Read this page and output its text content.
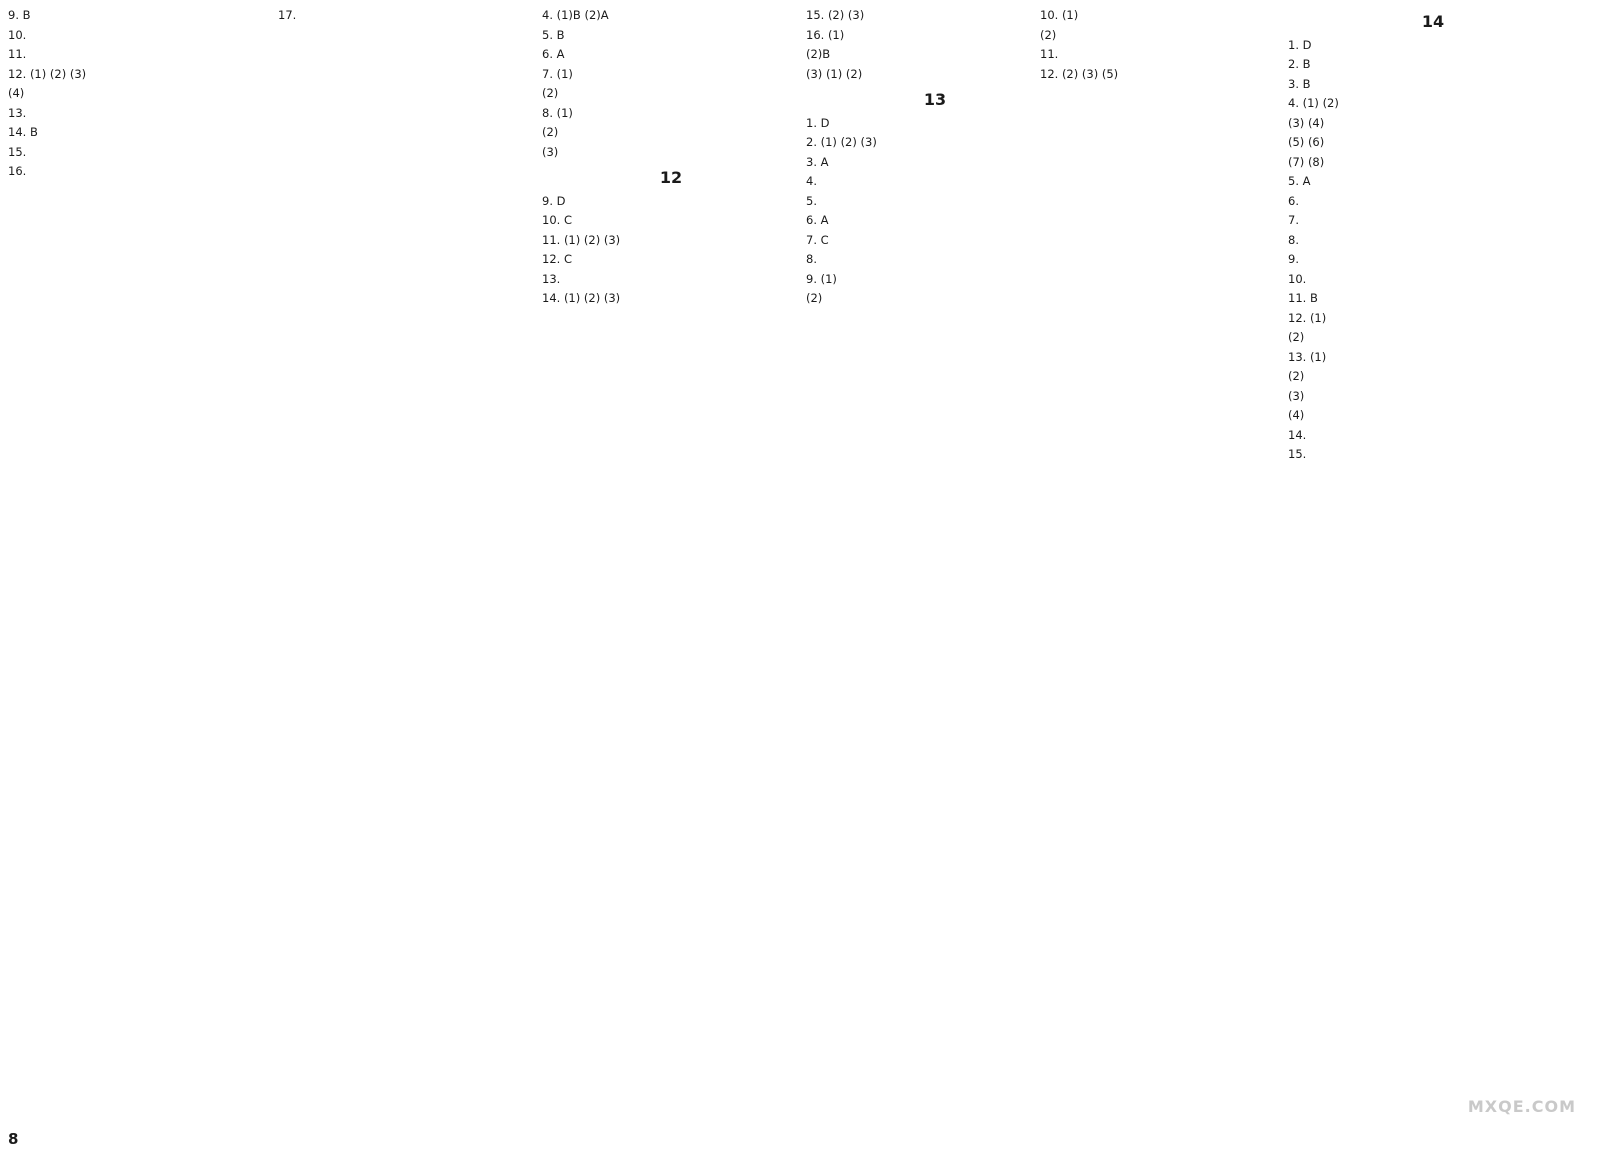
9. B

10.

11.

12. (1) (2) (3)

(4)

13.

14. B

15.

16.

17.	4. (1)B (2)A

5. B

6. A

7. (1)

(2)

8. (1)

(2)

(3)

12

9. D

10. C

11. (1) (2) (3)

12. C

13.

14. (1) (2) (3)

15. (2) (3)

16. (1)

(2)B

(3) (1) (2)

13

1. D

2. (1) (2) (3)

3. A

4.

5.

6. A

7. C

8.

9. (1)

(2)

10. (1)

(2)

11.

12. (2) (3) (5)

14

1. D

2. B

3. B

4. (1) (2)

(3) (4)

(5) (6)

(7) (8)

5. A

6.

7.

8.

9.

10.

11. B

12. (1)

(2)

13. (1)

(2)

(3)

(4)

14.

15.

8
MXQE.COM
